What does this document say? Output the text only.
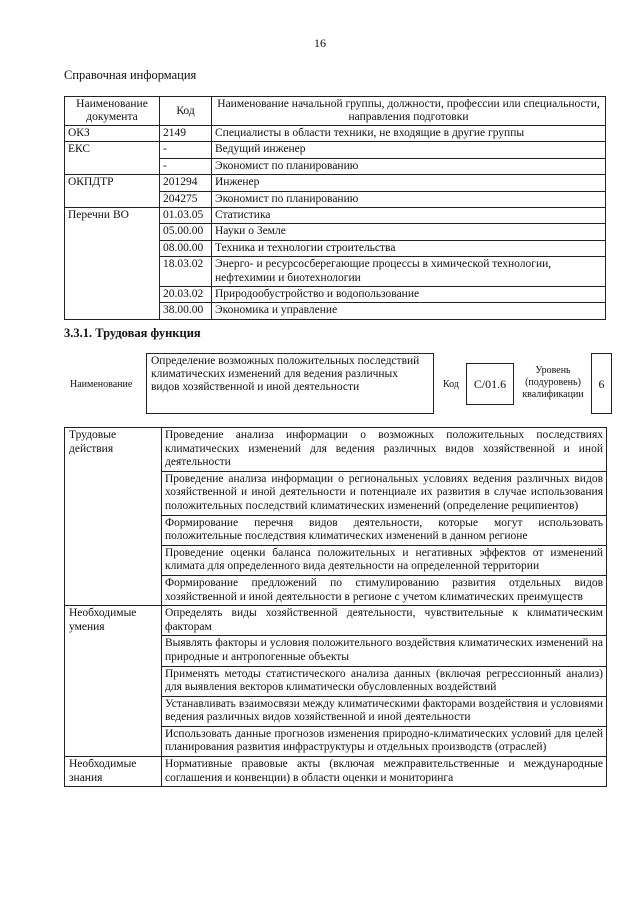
16
Справочная информация
Наименование документа	Код	Наименование начальной группы, должности, профессии или специальности, направления подготовки
ОКЗ	2149	Специалисты в области техники, не входящие в другие группы
ЕКС	-	Ведущий инженер
	-	Экономист по планированию
ОКПДТР	201294	Инженер
	204275	Экономист по планированию
Перечни ВО	01.03.05	Статистика
	05.00.00	Науки о Земле
	08.00.00	Техника и технологии строительства
	18.03.02	Энерго- и ресурсосберегающие процессы в химической технологии, нефтехимии и биотехнологии
	20.03.02	Природообустройство и водопользование
	38.00.00	Экономика и управление
3.3.1. Трудовая функция
Наименование
Определение возможных положительных последствий климатических изменений для ведения различных видов хозяйственной и иной деятельности	Код	С/01.6
Уровень (подуровень) квалификации
6
Трудовые действия	Проведение анализа информации о возможных положительных последствиях климатических изменений для ведения различных видов хозяйственной и иной деятельности
	Проведение анализа информации о региональных условиях ведения различных видов хозяйственной и иной деятельности и потенциале их развития в случае использования положительных последствий климатических изменений (определение реципиентов)
	Формирование перечня видов деятельности, которые могут использовать положительные последствия климатических изменений в данном регионе
	Проведение оценки баланса положительных и негативных эффектов от изменений климата для определенного вида деятельности на определенной территории
	Формирование предложений по стимулированию развития отдельных видов хозяйственной и иной деятельности в регионе с учетом климатических преимуществ
Необходимые умения	Определять виды хозяйственной деятельности, чувствительные к климатическим факторам
	Выявлять факторы и условия положительного воздействия климатических изменений на природные и антропогенные объекты
	Применять методы статистического анализа данных (включая регрессионный анализ) для выявления векторов климатически обусловленных воздействий
	Устанавливать взаимосвязи между климатическими факторами воздействия и условиями ведения различных видов хозяйственной и иной деятельности
	Использовать данные прогнозов изменения природно-климатических условий для целей планирования развития инфраструктуры и отдельных производств (отраслей)
Необходимые знания	Нормативные правовые акты (включая межправительственные и международные соглашения и конвенции) в области оценки и мониторинга
